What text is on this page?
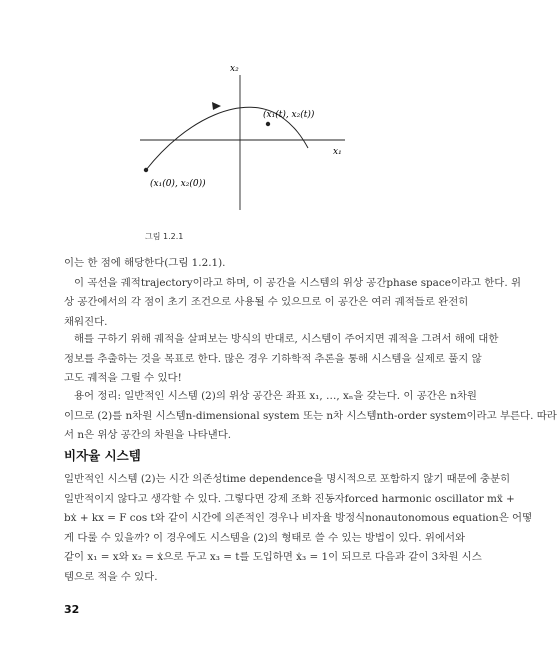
x₂
x₁
(x₁(t), x₂(t))
(x₁(0), x₂(0))
그림 1.2.1
이는 한 점에 해당한다(그림 1.2.1).
이 곡선을 궤적trajectory이라고 하며, 이 공간을 시스템의 위상 공간phase space이라고 한다. 위
상 공간에서의 각 점이 초기 조건으로 사용될 수 있으므로 이 공간은 여러 궤적들로 완전히
채워진다.
해를 구하기 위해 궤적을 살펴보는 방식의 반대로, 시스템이 주어지면 궤적을 그려서 해에 대한
정보를 추출하는 것을 목표로 한다. 많은 경우 기하학적 추론을 통해 시스템을 실제로 풀지 않
고도 궤적을 그릴 수 있다!
용어 정리: 일반적인 시스템 (2)의 위상 공간은 좌표 x₁, …, xₙ을 갖는다. 이 공간은 n차원
이므로 (2)를 n차원 시스템n-dimensional system 또는 n차 시스템nth-order system이라고 부른다. 따라
서 n은 위상 공간의 차원을 나타낸다.
비자율 시스템
일반적인 시스템 (2)는 시간 의존성time dependence을 명시적으로 포함하지 않기 때문에 충분히
일반적이지 않다고 생각할 수 있다. 그렇다면 강제 조화 진동자forced harmonic oscillator mẍ +
bẋ + kx = F cos t와 같이 시간에 의존적인 경우나 비자율 방정식nonautonomous equation은 어떻
게 다룰 수 있을까? 이 경우에도 시스템을 (2)의 형태로 쓸 수 있는 방법이 있다. 위에서와
같이 x₁ = x와 x₂ = ẋ으로 두고 x₃ = t를 도입하면 ẋ₃ = 1이 되므로 다음과 같이 3차원 시스
템으로 적을 수 있다.
32
